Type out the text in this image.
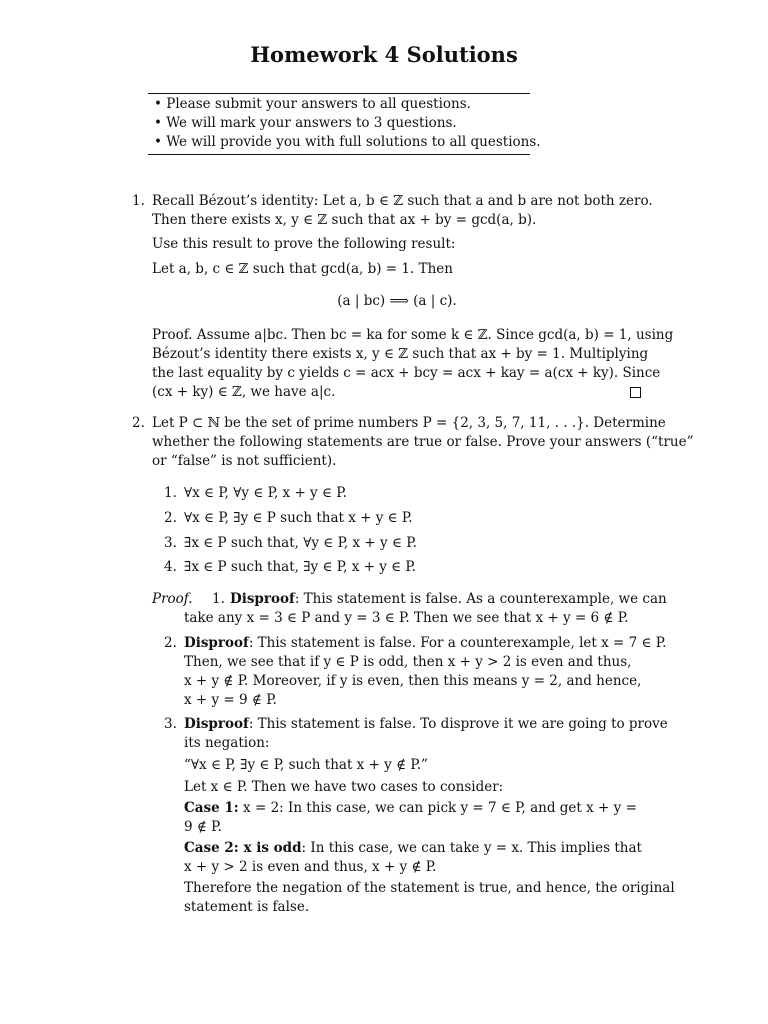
Homework 4 Solutions
• Please submit your answers to all questions.
• We will mark your answers to 3 questions.
• We will provide you with full solutions to all questions.
1. Recall Bézout’s identity: Let a, b ∈ ℤ such that a and b are not both zero.
Then there exists x, y ∈ ℤ such that ax + by = gcd(a, b).
Use this result to prove the following result:
Let a, b, c ∈ ℤ such that gcd(a, b) = 1. Then
(a | bc) ⟹ (a | c).
Proof. Assume a|bc. Then bc = ka for some k ∈ ℤ. Since gcd(a, b) = 1, using
Bézout’s identity there exists x, y ∈ ℤ such that ax + by = 1. Multiplying
the last equality by c yields c = acx + bcy = acx + kay = a(cx + ky). Since
(cx + ky) ∈ ℤ, we have a|c.
2. Let P ⊂ ℕ be the set of prime numbers P = {2, 3, 5, 7, 11, . . .}. Determine
whether the following statements are true or false. Prove your answers (“true”
or “false” is not sufficient).
1. ∀x ∈ P, ∀y ∈ P, x + y ∈ P.
2. ∀x ∈ P, ∃y ∈ P such that x + y ∈ P.
3. ∃x ∈ P such that, ∀y ∈ P, x + y ∈ P.
4. ∃x ∈ P such that, ∃y ∈ P, x + y ∈ P.
Proof. 1. Disproof: This statement is false. As a counterexample, we can
take any x = 3 ∈ P and y = 3 ∈ P. Then we see that x + y = 6 ∉ P.
2. Disproof: This statement is false. For a counterexample, let x = 7 ∈ P.
Then, we see that if y ∈ P is odd, then x + y > 2 is even and thus,
x + y ∉ P. Moreover, if y is even, then this means y = 2, and hence,
x + y = 9 ∉ P.
3. Disproof: This statement is false. To disprove it we are going to prove
its negation:
“∀x ∈ P, ∃y ∈ P, such that x + y ∉ P.”
Let x ∈ P. Then we have two cases to consider:
Case 1: x = 2: In this case, we can pick y = 7 ∈ P, and get x + y =
9 ∉ P.
Case 2: x is odd: In this case, we can take y = x. This implies that
x + y > 2 is even and thus, x + y ∉ P.
Therefore the negation of the statement is true, and hence, the original
statement is false.
